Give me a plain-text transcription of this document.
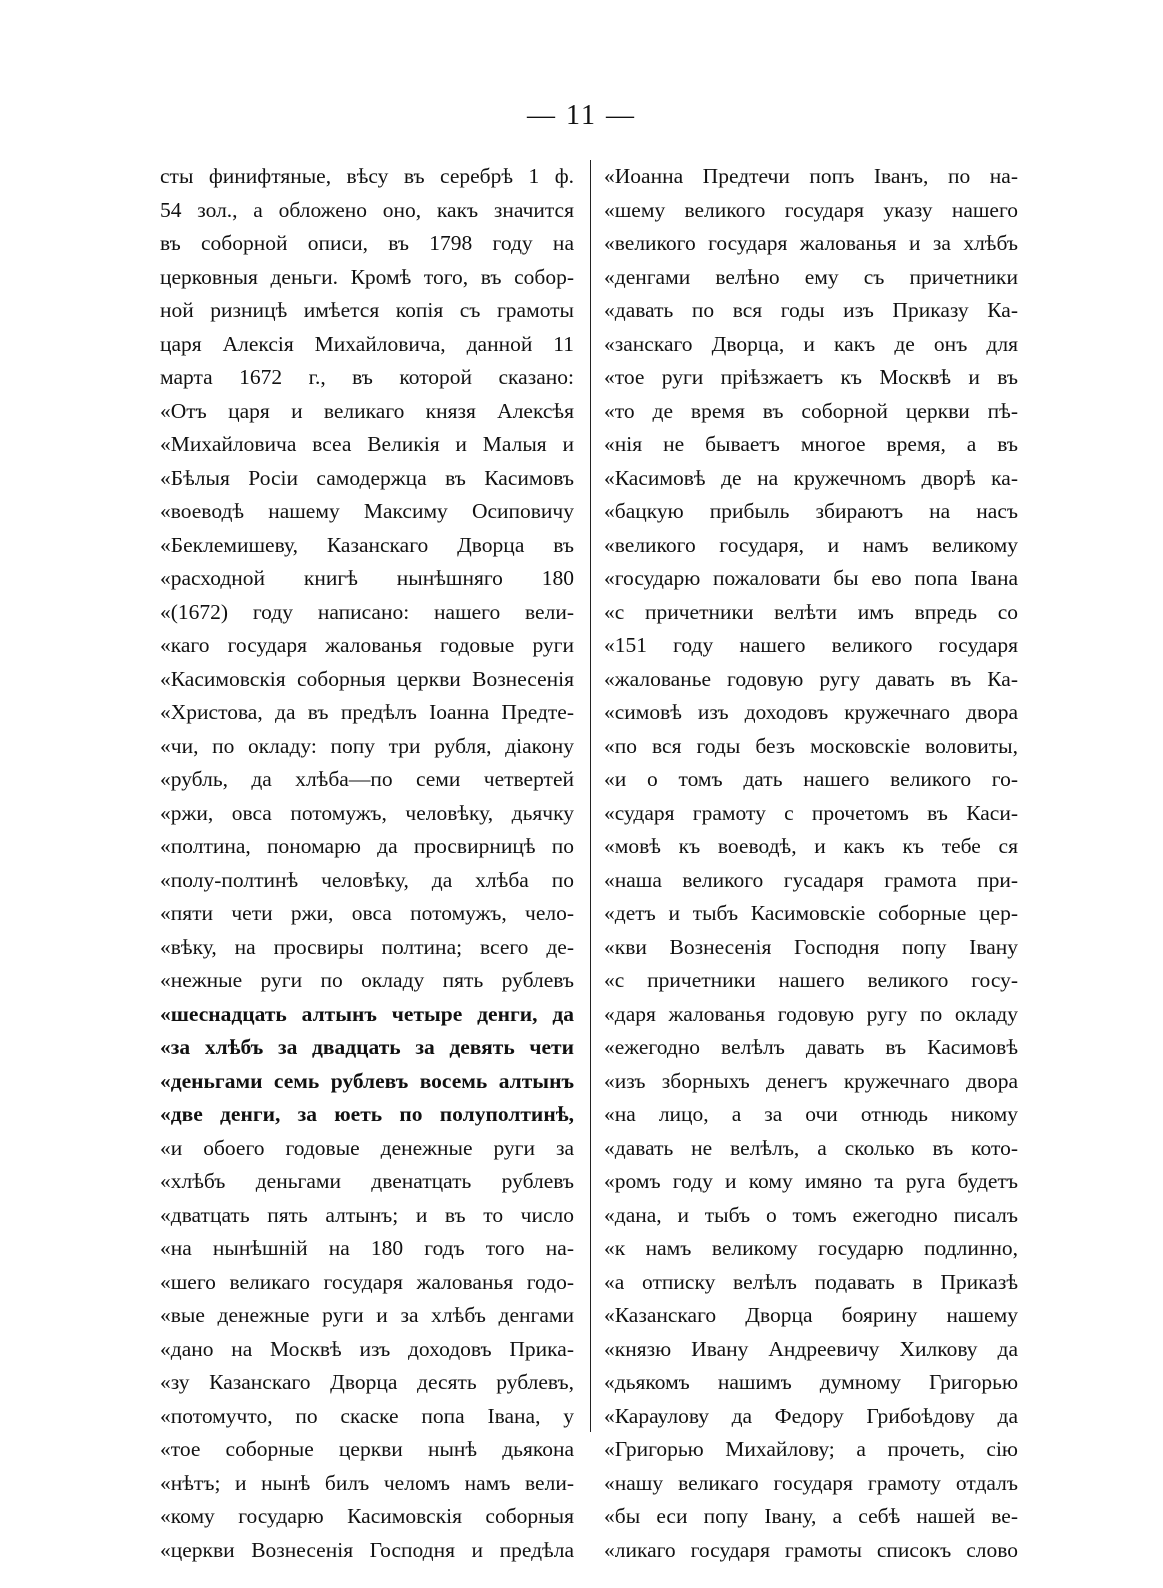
— 11 —
сты финифтяные, вѣсу въ серебрѣ 1 ф.
54 зол., а обложено оно, какъ значится
въ соборной описи, въ 1798 году на
церковныя деньги. Кромѣ того, въ собор-
ной ризницѣ имѣется копія съ грамоты
царя Алексія Михайловича, данной 11
марта 1672 г., въ которой сказано:
«Отъ царя и великаго князя Алексѣя
«Михайловича всеа Великія и Малыя и
«Бѣлыя Росіи самодержца въ Касимовъ
«воеводѣ нашему Максиму Осиповичу
«Беклемишеву, Казанскаго Дворца въ
«расходной книгѣ нынѣшняго 180
«(1672) году написано: нашего вели-
«каго государя жалованья годовые руги
«Касимовскія соборныя церкви Вознесенія
«Христова, да въ предѣлъ Іоанна Предте-
«чи, по окладу: попу три рубля, діакону
«рубль, да хлѣба—по семи четвертей
«ржи, овса потомужъ, человѣку, дьячку
«полтина, пономарю да просвирницѣ по
«полу-полтинѣ человѣку, да хлѣба по
«пяти чети ржи, овса потомужъ, чело-
«вѣку, на просвиры полтина; всего де-
«нежные руги по окладу пять рублевъ
«шеснадцать алтынъ четыре денги, да
«за хлѣбъ за двадцать за девять чети
«деньгами семь рублевъ восемь алтынъ
«две денги, за юеть по полуполтинѣ,
«и обоего годовые денежные руги за
«хлѣбъ деньгами двенатцать рублевъ
«дватцать пять алтынъ; и въ то число
«на нынѣшній на 180 годъ того на-
«шего великаго государя жалованья годо-
«вые денежные руги и за хлѣбъ денгами
«дано на Москвѣ изъ доходовъ Прика-
«зу Казанскаго Дворца десять рублевъ,
«потомучто, по скаске попа Івана, у
«тое соборные церкви нынѣ дьякона
«нѣтъ; и нынѣ билъ челомъ намъ вели-
«кому государю Касимовскія соборныя
«церкви Вознесенія Господня и предѣла
«Иоанна Предтечи попъ Іванъ, по на-
«шему великого государя указу нашего
«великого государя жалованья и за хлѣбъ
«денгами велѣно ему съ причетники
«давать по вся годы изъ Приказу Ка-
«занскаго Дворца, и какъ де онъ для
«тое руги пріѣзжаетъ къ Москвѣ и въ
«то де время въ соборной церкви пѣ-
«нія не бываетъ многое время, а въ
«Касимовѣ де на кружечномъ дворѣ ка-
«бацкую прибыль збираютъ на насъ
«великого государя, и намъ великому
«государю пожаловати бы ево попа Івана
«с причетники велѣти имъ впредь со
«151 году нашего великого государя
«жалованье годовую ругу давать въ Ка-
«симовѣ изъ доходовъ кружечнаго двора
«по вся годы безъ московскіе воловиты,
«и о томъ дать нашего великого го-
«сударя грамоту с прочетомъ въ Каси-
«мовѣ къ воеводѣ, и какъ къ тебе ся
«наша великого гусадаря грамота при-
«детъ и тыбъ Касимовскіе соборные цер-
«кви Вознесенія Господня попу Івану
«с причетники нашего великого госу-
«даря жалованья годовую ругу по окладу
«ежегодно велѣлъ давать въ Касимовѣ
«изъ зборныхъ денегъ кружечнаго двора
«на лицо, а за очи отнюдь никому
«давать не велѣлъ, а сколько въ кото-
«ромъ году и кому имяно та руга будетъ
«дана, и тыбъ о томъ ежегодно писалъ
«к намъ великому государю подлинно,
«а отписку велѣлъ подавать в Приказѣ
«Казанскаго Дворца боярину нашему
«князю Ивану Андреевичу Хилкову да
«дьякомъ нашимъ думному Григорью
«Караулову да Федору Грибоѣдову да
«Григорью Михайлову; а прочеть, сію
«нашу великаго государя грамоту отдалъ
«бы еси попу Івану, а себѣ нашей ве-
«ликаго государя грамоты списокъ слово
